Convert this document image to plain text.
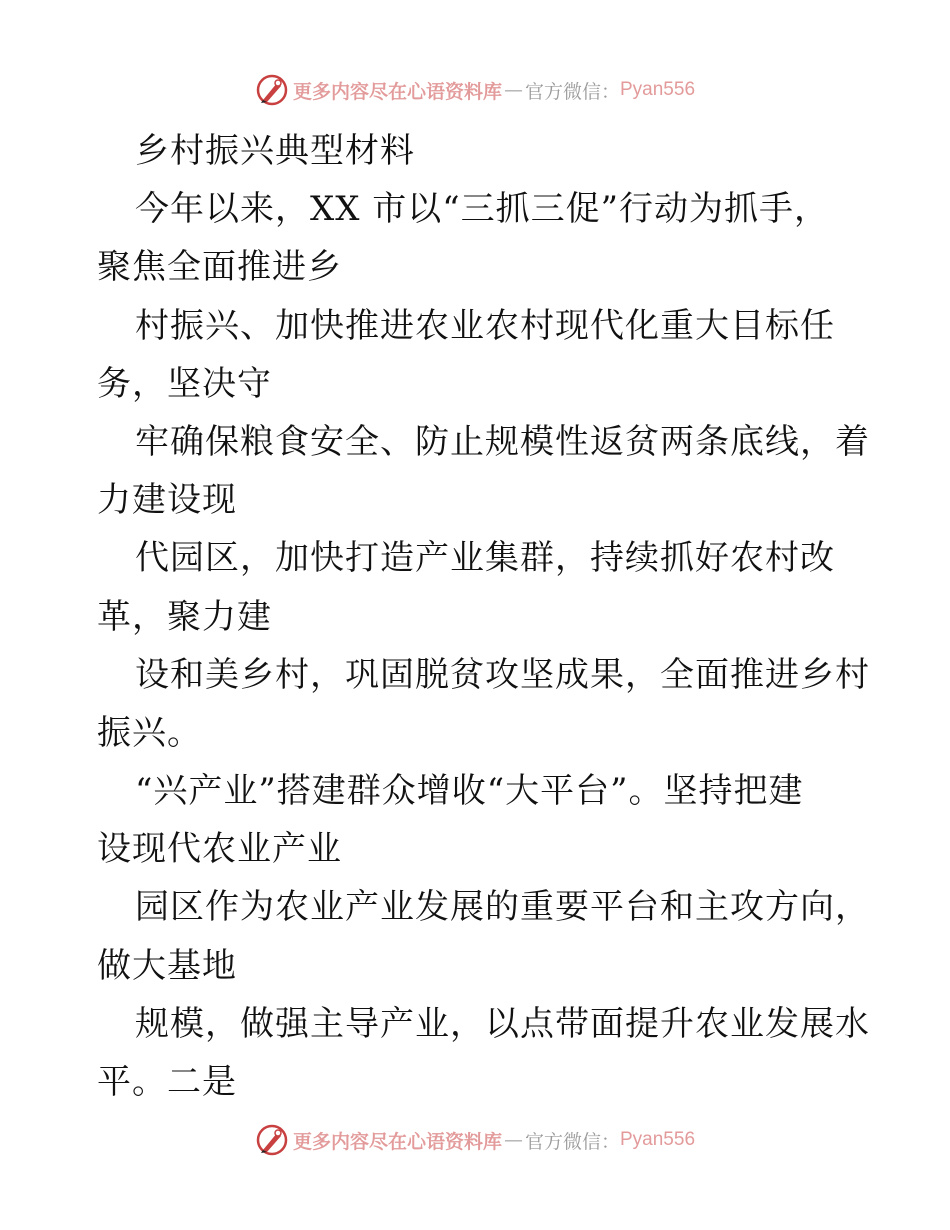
更多内容尽在心语资料库 — 官方微信： Pyan556
乡村振兴典型材料
今年以来，XX 市以“三抓三促”行动为抓手，
聚焦全面推进乡
村振兴、加快推进农业农村现代化重大目标任
务，坚决守
牢确保粮食安全、防止规模性返贫两条底线，着
力建设现
代园区，加快打造产业集群，持续抓好农村改
革，聚力建
设和美乡村，巩固脱贫攻坚成果，全面推进乡村
振兴。
“兴产业”搭建群众增收“大平台”。坚持把建
设现代农业产业
园区作为农业产业发展的重要平台和主攻方向，
做大基地
规模，做强主导产业，以点带面提升农业发展水
平。二是
更多内容尽在心语资料库 — 官方微信： Pyan556
